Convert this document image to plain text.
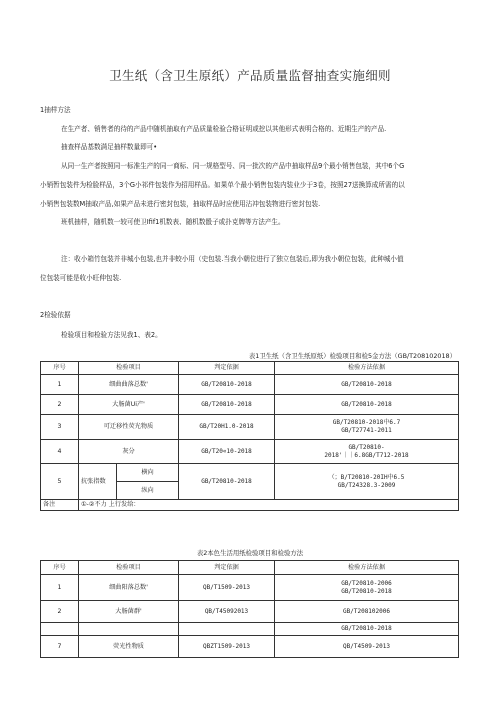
卫生纸（含卫生原纸）产品质量监督抽查实施细则
1抽样方法
在生产者、销售者的待的产品中随机抽取有产品质量检验合格证明或挖以其他形式表明合格的、近期生产的产品.
抽查样品基数满足抽样数量即可•
从同一生产者按照同一标准生产的同一商标、同一规格型号、同一批次的产品中抽取样品9个最小销售包装，其中6个G
小销暂包装件为检脸样品，3个G小祁件包装作为招用样品。如果单个最小销售包装内装业少于3卷，按照27送換算成所需的以
小销售包装数M抽取产品,如果产品未进行密封包装，抽取样品时应使用沾冲包装物进行密封包装.
班机抽样，随机数一较可使卫Ifif1机数表、随机数骰子或扑克牌等方法产生。
注：收小箱竹包装并非城小包装,也并非蛟小用（史包装.当我小朝位进行了独立包装后,即为我小朝位包装，此种城小值
位包装可能是收小旺伸包装.
2检验依据
检验项目和检验方法见我1、表2。
表1卫生纸（含卫生纸原纸）检验项目和检5金方法（GB/T208102018）
序号	检验项目		判定依据	检验方法依据
1	细曲曲落总数'		GB/T20810-2018	GB/T20810-2018
2	大肠菌Ui产'		GB/T20810-2018	GB/T20810-2018
3	可迁移性荧光物质		GB/T20H1.0-2018	GB/T20810-2018中6.7
GB/T27741-2011

4	灰分		GB/T20«10-2018	GB/T20810-
2018'｜｜6.8GB/T712-2018

5	抗张指数	横向	GB/T20810-2018	（；B/T20810-20IH中6.5
GB/T24328.3-2009

		纵向		
备注	①-②不力 上行发给：			
表2本色生活用纸检验项目和检验方法
序号	检验项目	判定依据	检验方法依据
1	细曲阳落总数'	QB/T1509-2013	GB/T20810-2006
GB/T20810-2018

2	大肠菌群'	QB/T45092013	GB/T208102006
			GB/T20810-2018
7	荧光性物质	QBZT1509-2013	QB/T4509-2013
